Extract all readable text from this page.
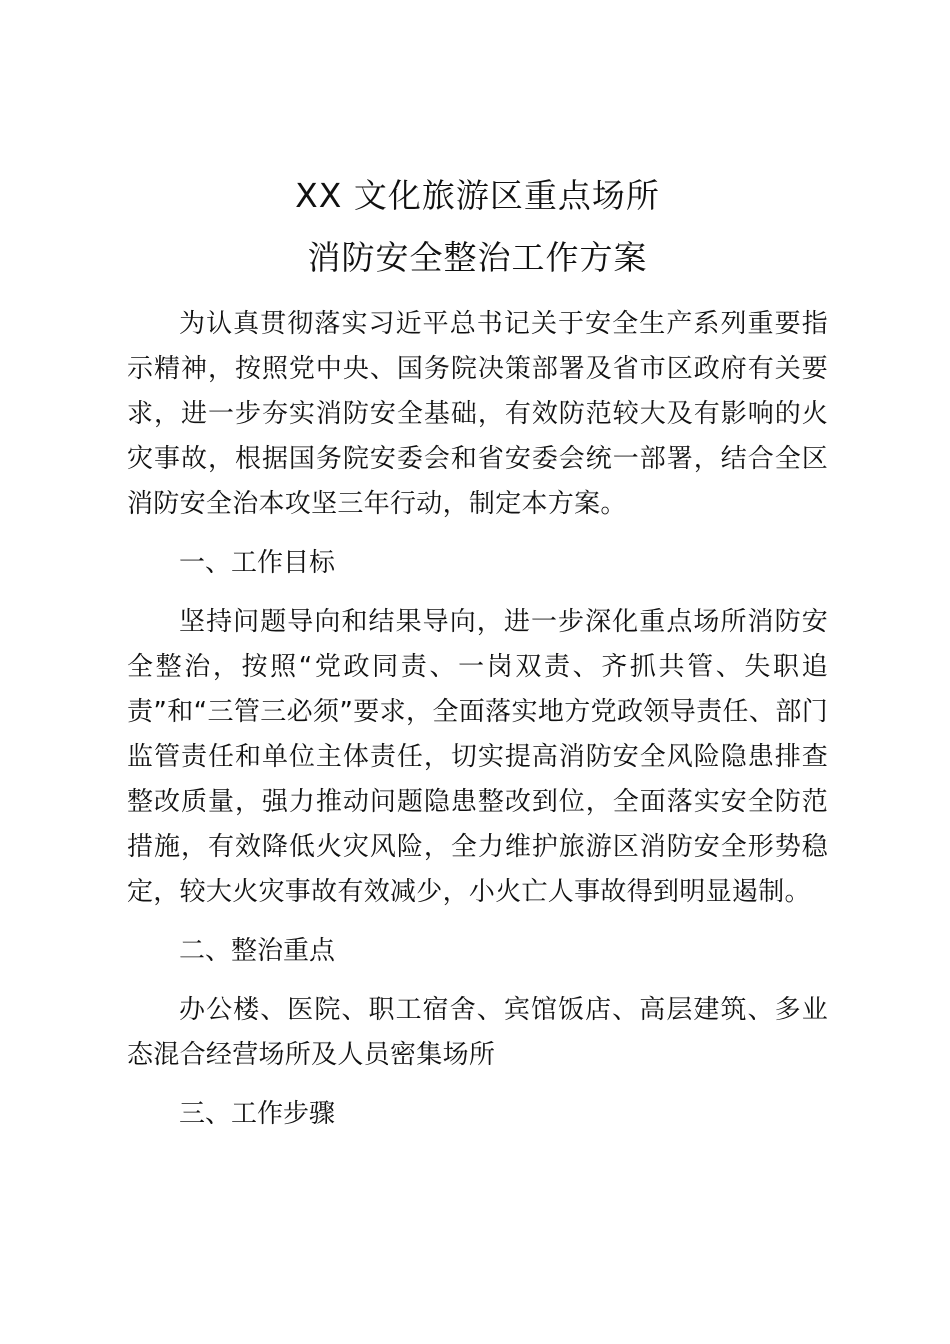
XX 文化旅游区重点场所
消防安全整治工作方案

为认真贯彻落实习近平总书记关于安全生产系列重要指示精神，按照党中央、国务院决策部署及省市区政府有关要求，进一步夯实消防安全基础，有效防范较大及有影响的火灾事故，根据国务院安委会和省安委会统一部署，结合全区消防安全治本攻坚三年行动，制定本方案。

一、工作目标

坚持问题导向和结果导向，进一步深化重点场所消防安全整治，按照“党政同责、一岗双责、齐抓共管、失职追责”和“三管三必须”要求，全面落实地方党政领导责任、部门监管责任和单位主体责任，切实提高消防安全风险隐患排查整改质量，强力推动问题隐患整改到位，全面落实安全防范措施，有效降低火灾风险，全力维护旅游区消防安全形势稳定，较大火灾事故有效减少，小火亡人事故得到明显遏制。

二、整治重点

办公楼、医院、职工宿舍、宾馆饭店、高层建筑、多业态混合经营场所及人员密集场所

三、工作步骤
